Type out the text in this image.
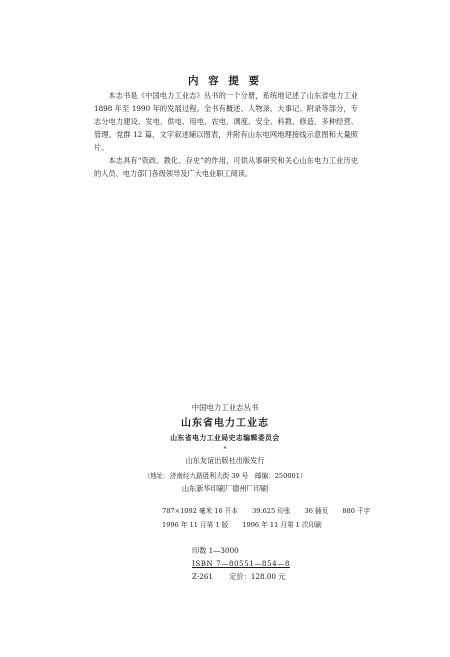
内 容 提 要

本志书是《中国电力工业志》丛书的一个分册，系统地记述了山东省电力工业 1898 年至 1990 年的发展过程。全书有概述、人物录、大事记、附录等部分，专志分电力建设、发电、供电、用电、农电、调度、安全、科教、修造、多种经营、管理、党群 12 篇，文字叙述辅以图表，并附有山东电网地理接线示意图和大量照片。

本志具有“资政、教化、存史”的作用，可供从事研究和关心山东电力工业历史的人员、电力部门各级领导及广大电业职工阅读。

中国电力工业志丛书
山东省电力工业志
山东省电力工业局史志编辑委员会
*
山东友谊出版社出版发行
（地址：济南经九路胜利大街 39 号　邮编：250001）
山东新华印刷厂德州厂印刷
787×1092 毫米 16 开本 39.625 印张 36 插页 880 千字
1996 年 11 月第 1 版 1996 年 11 月第 1 次印刷
印数 1—3000
ISBN 7—80551—854—8
Z·261 定价：128.00 元
